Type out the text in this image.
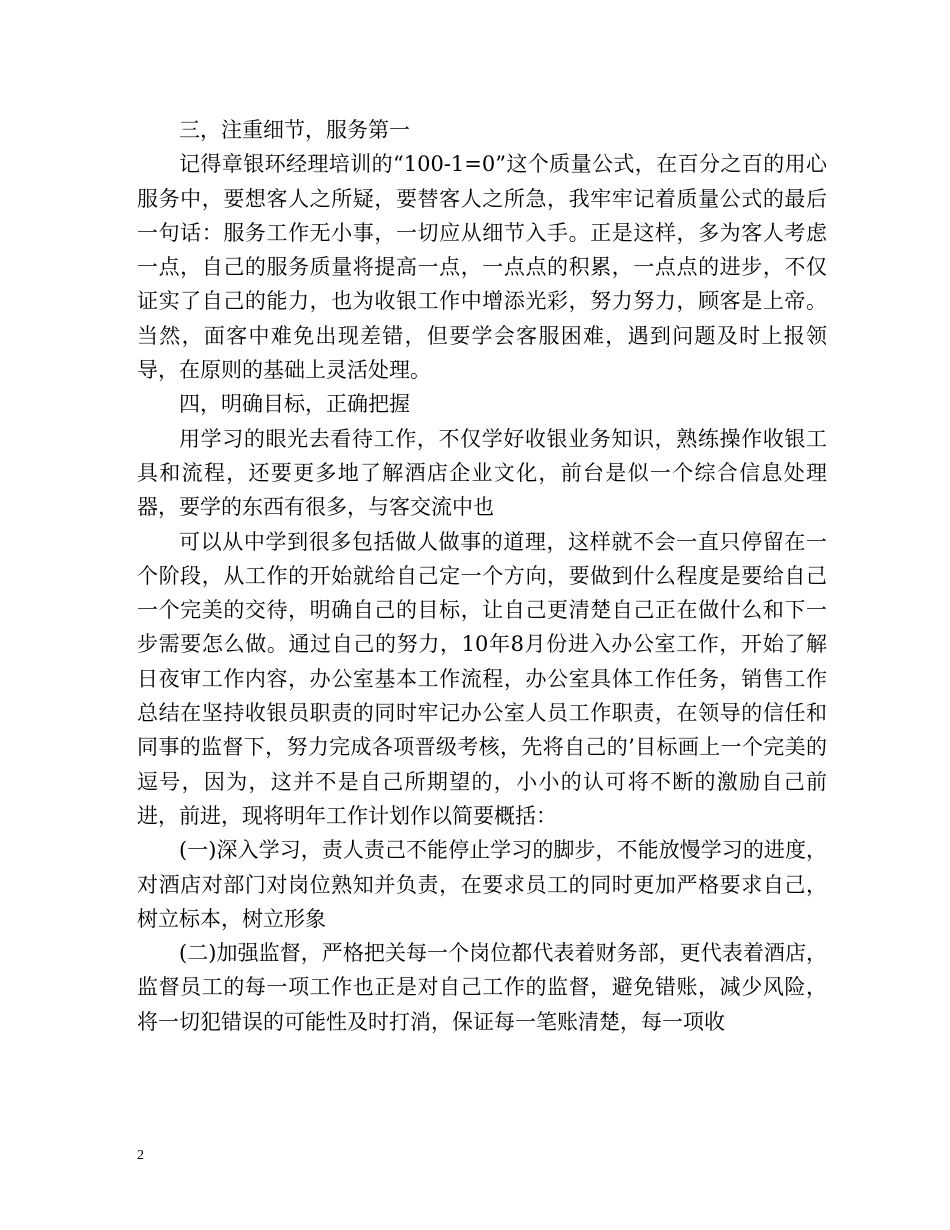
三，注重细节，服务第一

记得章银环经理培训的“100-1=0”这个质量公式，在百分之百的用心服务中，要想客人之所疑，要替客人之所急，我牢牢记着质量公式的最后一句话：服务工作无小事，一切应从细节入手。正是这样，多为客人考虑一点，自己的服务质量将提高一点，一点点的积累，一点点的进步，不仅证实了自己的能力，也为收银工作中增添光彩，努力努力，顾客是上帝。当然，面客中难免出现差错，但要学会客服困难，遇到问题及时上报领导，在原则的基础上灵活处理。

四，明确目标，正确把握

用学习的眼光去看待工作，不仅学好收银业务知识，熟练操作收银工具和流程，还要更多地了解酒店企业文化，前台是似一个综合信息处理器，要学的东西有很多，与客交流中也

可以从中学到很多包括做人做事的道理，这样就不会一直只停留在一个阶段，从工作的开始就给自己定一个方向，要做到什么程度是要给自己一个完美的交待，明确自己的目标，让自己更清楚自己正在做什么和下一步需要怎么做。通过自己的努力，10年8月份进入办公室工作，开始了解日夜审工作内容，办公室基本工作流程，办公室具体工作任务，销售工作总结在坚持收银员职责的同时牢记办公室人员工作职责，在领导的信任和同事的监督下，努力完成各项晋级考核，先将自己的’目标画上一个完美的逗号，因为，这并不是自己所期望的，小小的认可将不断的激励自己前进，前进，现将明年工作计划作以简要概括：

(一)深入学习，责人责己不能停止学习的脚步，不能放慢学习的进度，对酒店对部门对岗位熟知并负责，在要求员工的同时更加严格要求自己，树立标本，树立形象

(二)加强监督，严格把关每一个岗位都代表着财务部，更代表着酒店，监督员工的每一项工作也正是对自己工作的监督，避免错账，减少风险，将一切犯错误的可能性及时打消，保证每一笔账清楚，每一项收

2
